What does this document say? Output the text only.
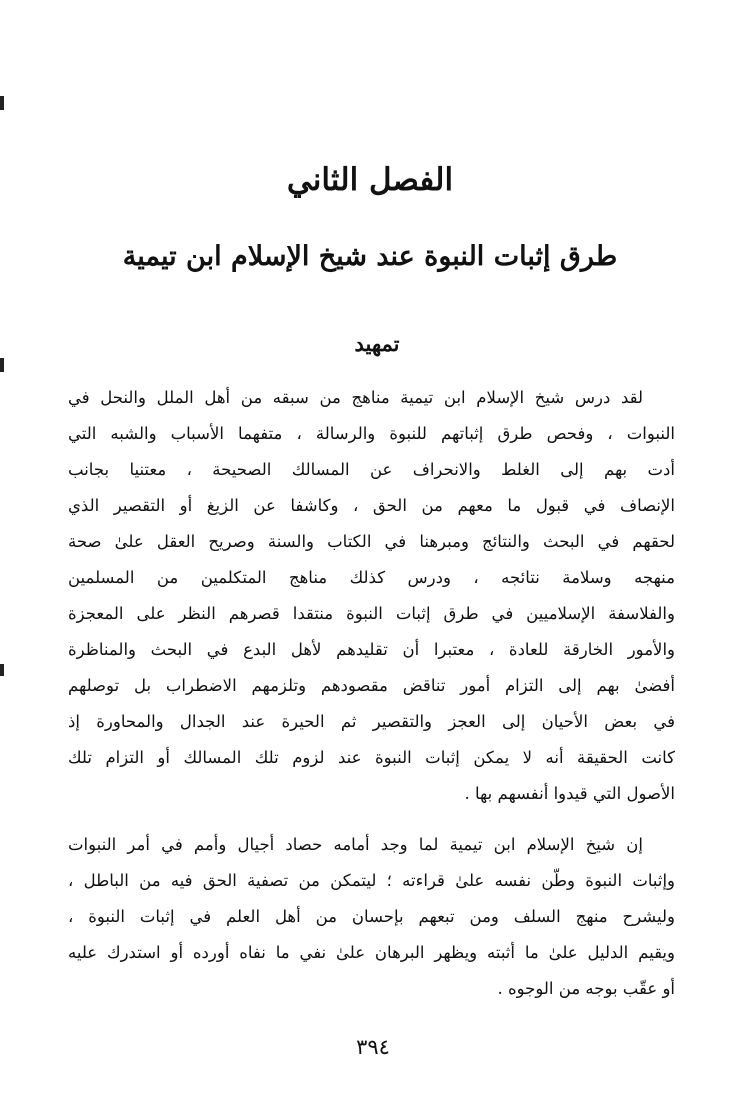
الفصل الثاني
طرق إثبات النبوة عند شيخ الإسلام ابن تيمية
تمهيد
لقد درس شيخ الإسلام ابن تيمية مناهج من سبقه من أهل الملل والنحل في
النبوات ، وفحص طرق إثباتهم للنبوة والرسالة ، متفهما الأسباب والشبه التي
أدت بهم إلى الغلط والانحراف عن المسالك الصحيحة ، معتنيا بجانب
الإنصاف في قبول ما معهم من الحق ، وكاشفا عن الزيغ أو التقصير الذي
لحقهم في البحث والنتائج ومبرهنا في الكتاب والسنة وصريح العقل علىٰ صحة
منهجه وسلامة نتائجه ، ودرس كذلك مناهج المتكلمين من المسلمين
والفلاسفة الإسلاميين في طرق إثبات النبوة منتقدا قصرهم النظر على المعجزة
والأمور الخارقة للعادة ، معتبرا أن تقليدهم لأهل البدع في البحث والمناظرة
أفضىٰ بهم إلى التزام أمور تناقض مقصودهم وتلزمهم الاضطراب بل توصلهم
في بعض الأحيان إلى العجز والتقصير ثم الحيرة عند الجدال والمحاورة إذ
كانت الحقيقة أنه لا يمكن إثبات النبوة عند لزوم تلك المسالك أو التزام تلك
الأصول التي قيدوا أنفسهم بها .
إن شيخ الإسلام ابن تيمية لما وجد أمامه حصاد أجيال وأمم في أمر النبوات
وإثبات النبوة وطّن نفسه علىٰ قراءته ؛ ليتمكن من تصفية الحق فيه من الباطل ،
وليشرح منهج السلف ومن تبعهم بإحسان من أهل العلم في إثبات النبوة ،
ويقيم الدليل علىٰ ما أثبته ويظهر البرهان علىٰ نفي ما نفاه أورده أو استدرك عليه
أو عقّب بوجه من الوجوه .
٣٩٤
